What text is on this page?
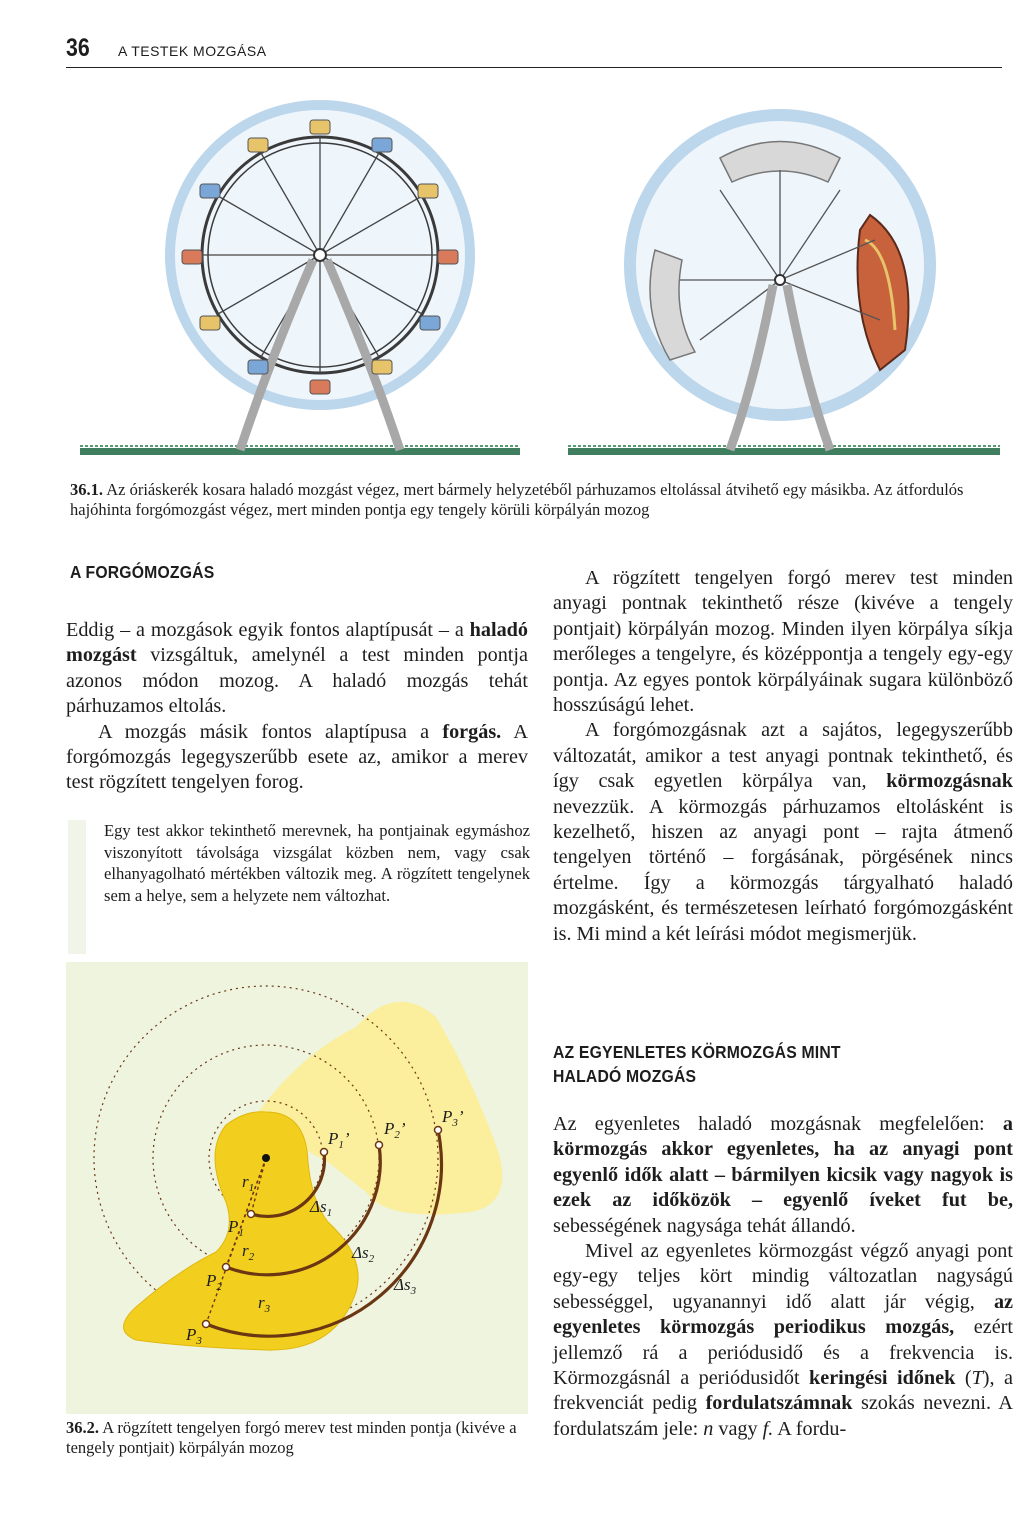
36 A TESTEK MOZGÁSA
36.1. Az óriáskerék kosara haladó mozgást végez, mert bármely helyzetéből párhuzamos eltolással átvihető egy másikba. Az átfordulós hajóhinta forgómozgást végez, mert minden pontja egy tengely körüli körpályán mozog
A FORGÓMOZGÁS

Eddig – a mozgások egyik fontos alaptípusát – a haladó mozgást vizsgáltuk, amelynél a test minden pontja azonos módon mozog. A haladó mozgás tehát párhuzamos eltolás.

A mozgás másik fontos alaptípusa a forgás. A forgómozgás legegyszerűbb esete az, amikor a merev test rögzített tengelyen forog.

Egy test akkor tekinthető merevnek, ha pontjainak egymáshoz viszonyított távolsága vizsgálat közben nem, vagy csak elhanyagolható mértékben változik meg. A rögzített tengelynek sem a helye, sem a helyzete nem változhat.
$P_1$
$P_2$
$P_3$
$P_1$’
$P_2$’
$P_3$’
$r_1$
$r_2$
$r_3$
$\Delta s_1$
$\Delta s_2$
$\Delta s_3$
36.2. A rögzített tengelyen forgó merev test minden pontja (kivéve a tengely pontjait) körpályán mozog

A rögzített tengelyen forgó merev test minden anyagi pontnak tekinthető része (kivéve a tengely pontjait) körpályán mozog. Minden ilyen körpálya síkja merőleges a tengelyre, és középpontja a tengely egy-egy pontja. Az egyes pontok körpályáinak sugara különböző hosszúságú lehet.

A forgómozgásnak azt a sajátos, legegyszerűbb változatát, amikor a test anyagi pontnak tekinthető, és így csak egyetlen körpálya van, körmozgásnak nevezzük. A körmozgás párhuzamos eltolásként is kezelhető, hiszen az anyagi pont – rajta átmenő tengelyen történő – forgásának, pörgésének nincs értelme. Így a körmozgás tárgyalható haladó mozgásként, és természetesen leírható forgómozgásként is. Mi mind a két leírási módot megismerjük.

AZ EGYENLETES KÖRMOZGÁS MINT
HALADÓ MOZGÁS

Az egyenletes haladó mozgásnak megfelelően: a körmozgás akkor egyenletes, ha az anyagi pont egyenlő idők alatt – bármilyen kicsik vagy nagyok is ezek az időközök – egyenlő íveket fut be, sebességének nagysága tehát állandó.

Mivel az egyenletes körmozgást végző anyagi pont egy-egy teljes kört mindig változatlan nagyságú sebességgel, ugyanannyi idő alatt jár végig, az egyenletes körmozgás periodikus mozgás, ezért jellemző rá a periódusidő és a frekvencia is. Körmozgásnál a periódusidőt keringési időnek (T), a frekvenciát pedig fordulatszámnak szokás nevezni. A fordulatszám jele: n vagy f. A fordu-
